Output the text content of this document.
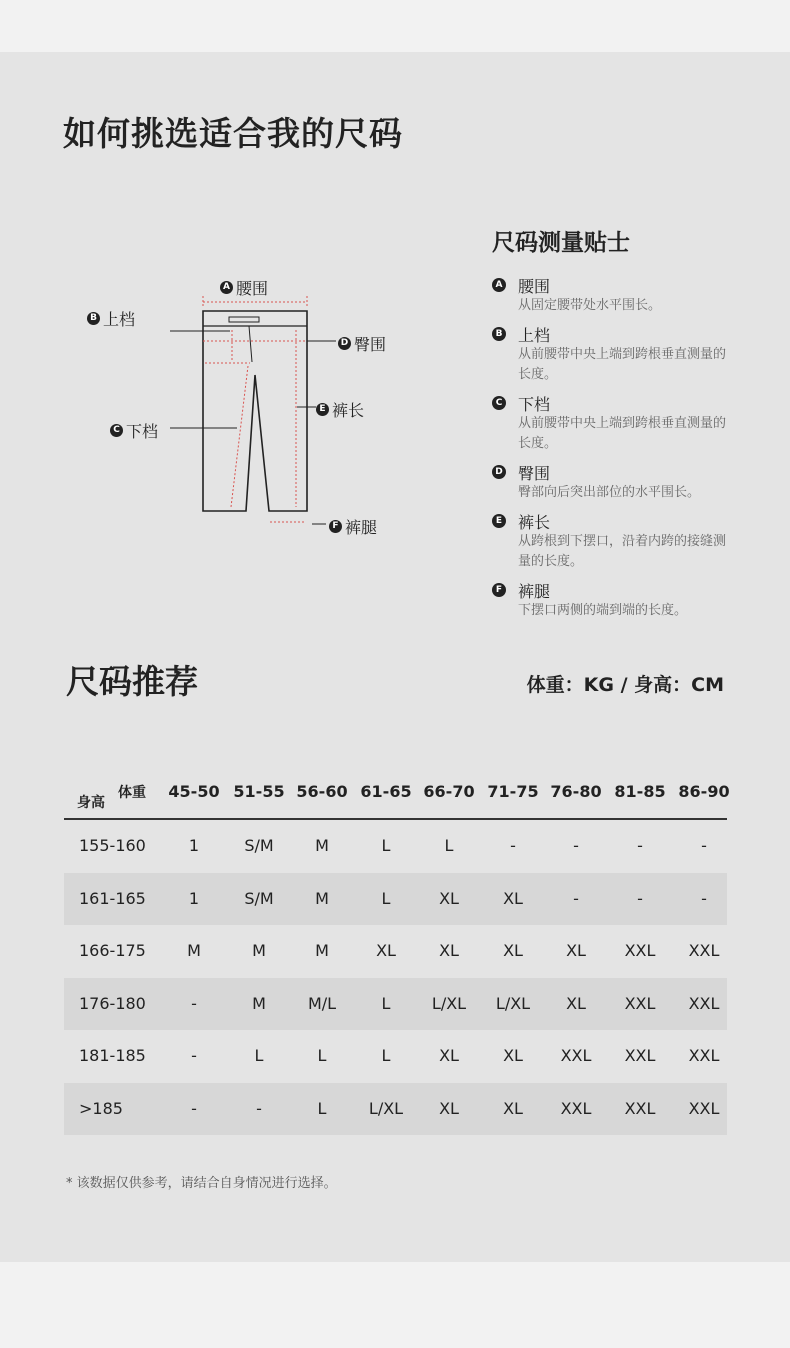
如何挑选适合我的尺码
A 腰围
B 上档
D 臀围
E 裤长
C 下档
F 裤腿
尺码测量贴士
A 腰围
从固定腰带处水平围长。
B 上档
从前腰带中央上端到跨根垂直测量的长度。
C 下档
从前腰带中央上端到跨根垂直测量的长度。
D 臀围
臀部向后突出部位的水平围长。
E 裤长
从跨根到下摆口，沿着内跨的接缝测量的长度。
F 裤腿
下摆口两侧的端到端的长度。
尺码推荐	体重：KG / 身高：CM
身高
体重	45-50 51-55 56-60 61-65 66-70 71-75 76-80 81-85 86-90
155-160	1	S/M	M	L	L	-	-	-	-
161-165	1	S/M	M	L	XL	XL	-	-	-
166-175	M	M	M	XL	XL	XL	XL	XXL	XXL
176-180	-	M	M/L	L	L/XL	L/XL	XL	XXL	XXL
181-185	-	L	L	L	XL	XL	XXL	XXL	XXL
>185	-	-	L	L/XL	XL	XL	XXL	XXL	XXL
* 该数据仅供参考，请结合自身情况进行选择。
